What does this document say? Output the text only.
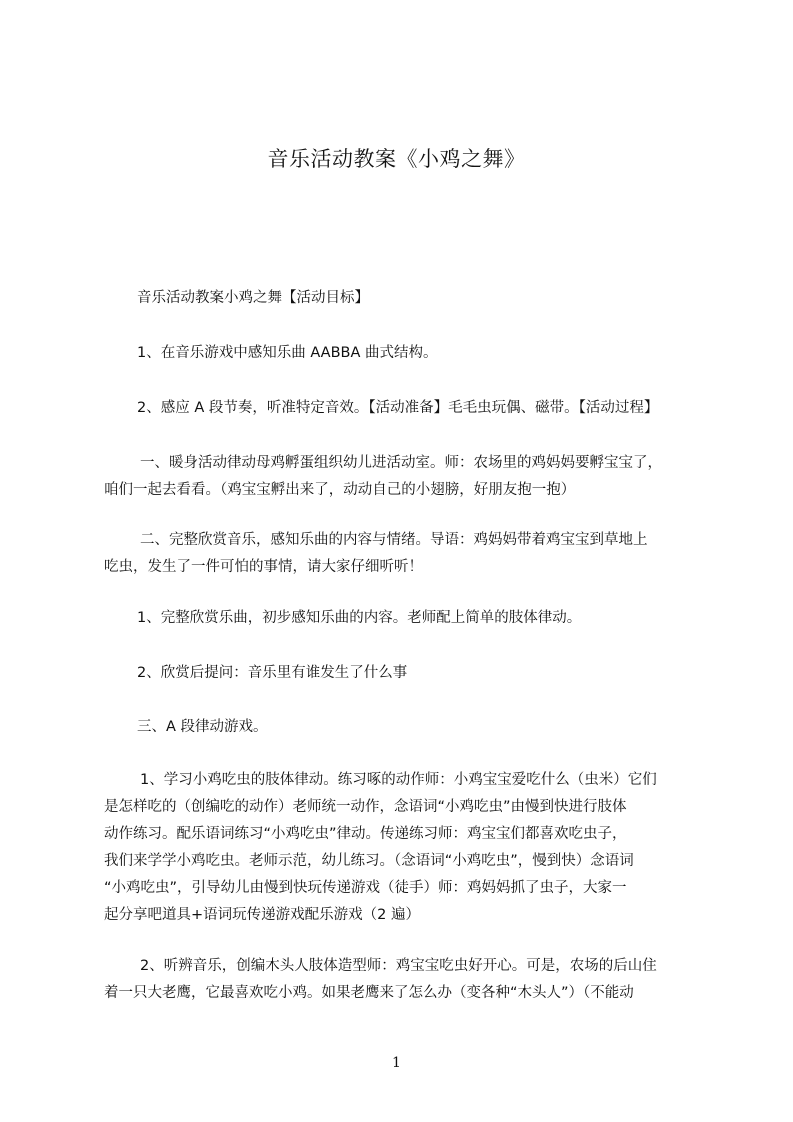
音乐活动教案《小鸡之舞》
音乐活动教案小鸡之舞【活动目标】
1、在音乐游戏中感知乐曲 AABBA 曲式结构。
2、感应 A 段节奏，听准特定音效。【活动准备】毛毛虫玩偶、磁带。【活动过程】
一、暖身活动律动母鸡孵蛋组织幼儿进活动室。师：农场里的鸡妈妈要孵宝宝了，
咱们一起去看看。（鸡宝宝孵出来了，动动自己的小翅膀，好朋友抱一抱）
二、完整欣赏音乐，感知乐曲的内容与情绪。导语：鸡妈妈带着鸡宝宝到草地上
吃虫，发生了一件可怕的事情，请大家仔细听听！
1、完整欣赏乐曲，初步感知乐曲的内容。老师配上简单的肢体律动。
2、欣赏后提问：音乐里有谁发生了什么事
三、A 段律动游戏。
1、学习小鸡吃虫的肢体律动。练习啄的动作师：小鸡宝宝爱吃什么（虫米）它们
是怎样吃的（创编吃的动作）老师统一动作，念语词“小鸡吃虫”由慢到快进行肢体
动作练习。配乐语词练习“小鸡吃虫”律动。传递练习师：鸡宝宝们都喜欢吃虫子，
我们来学学小鸡吃虫。老师示范，幼儿练习。（念语词“小鸡吃虫”，慢到快）念语词
“小鸡吃虫”，引导幼儿由慢到快玩传递游戏（徒手）师：鸡妈妈抓了虫子，大家一
起分享吧道具+语词玩传递游戏配乐游戏（2 遍）
2、听辨音乐，创编木头人肢体造型师：鸡宝宝吃虫好开心。可是，农场的后山住
着一只大老鹰，它最喜欢吃小鸡。如果老鹰来了怎么办（变各种“木头人”）（不能动
1
